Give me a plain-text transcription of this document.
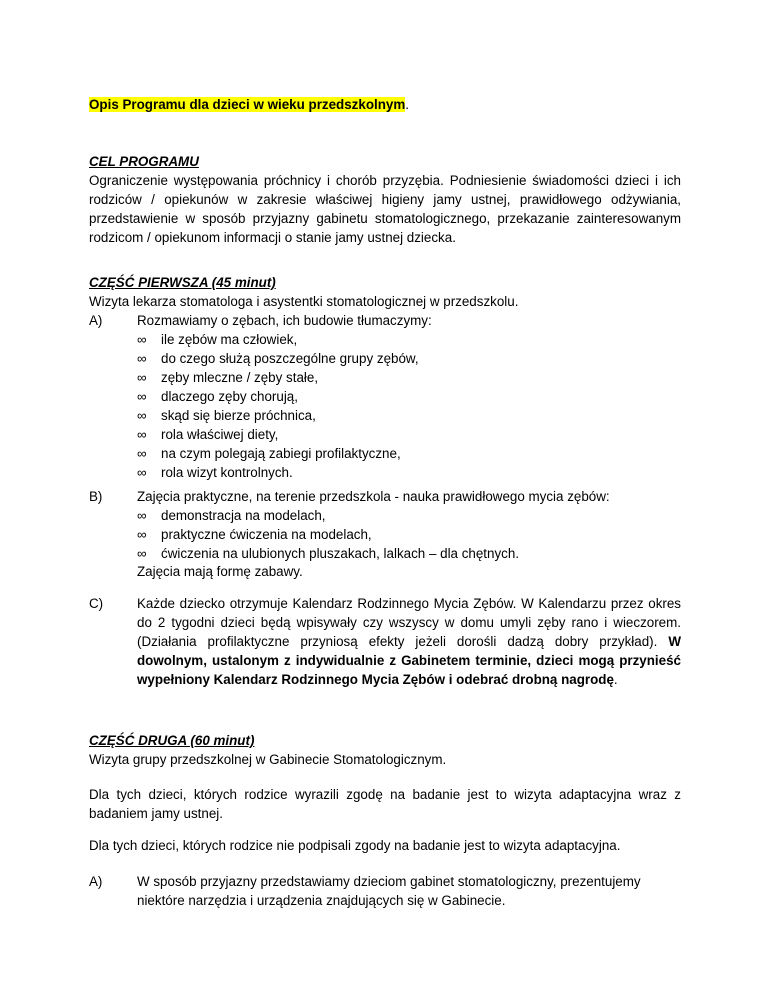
Opis Programu dla dzieci w wieku przedszkolnym.
CEL PROGRAMU
Ograniczenie występowania próchnicy i chorób przyzębia. Podniesienie świadomości dzieci i ich rodziców / opiekunów w zakresie właściwej higieny jamy ustnej, prawidłowego odżywiania, przedstawienie w sposób przyjazny gabinetu stomatologicznego, przekazanie zainteresowanym rodzicom / opiekunom informacji o stanie jamy ustnej dziecka.
CZĘŚĆ PIERWSZA (45 minut)
Wizyta lekarza stomatologa i asystentki stomatologicznej w przedszkolu.
A)	Rozmawiamy o zębach, ich budowie tłumaczymy:
∞ ile zębów ma człowiek,
∞ do czego służą poszczególne grupy zębów,
∞ zęby mleczne / zęby stałe,
∞ dlaczego zęby chorują,
∞ skąd się bierze próchnica,
∞ rola właściwej diety,
∞ na czym polegają zabiegi profilaktyczne,
∞ rola wizyt kontrolnych.
B)	Zajęcia praktyczne, na terenie przedszkola - nauka prawidłowego mycia zębów:
∞ demonstracja na modelach,
∞ praktyczne ćwiczenia na modelach,
∞ ćwiczenia na ulubionych pluszakach, lalkach – dla chętnych.
Zajęcia mają formę zabawy.
C)	Każde dziecko otrzymuje Kalendarz Rodzinnego Mycia Zębów. W Kalendarzu przez okres do 2 tygodni dzieci będą wpisywały czy wszyscy w domu umyli zęby rano i wieczorem. (Działania profilaktyczne przyniosą efekty jeżeli dorośli dadzą dobry przykład). W dowolnym, ustalonym z indywidualnie z Gabinetem terminie, dzieci mogą przynieść wypełniony Kalendarz Rodzinnego Mycia Zębów i odebrać drobną nagrodę.
CZĘŚĆ DRUGA (60 minut)
Wizyta grupy przedszkolnej w Gabinecie Stomatologicznym.
Dla tych dzieci, których rodzice wyrazili zgodę na badanie jest to wizyta adaptacyjna wraz z badaniem jamy ustnej.
Dla tych dzieci, których rodzice nie podpisali zgody na badanie jest to wizyta adaptacyjna.
A)	W sposób przyjazny przedstawiamy dzieciom gabinet stomatologiczny, prezentujemy niektóre narzędzia i urządzenia znajdujących się w Gabinecie.
